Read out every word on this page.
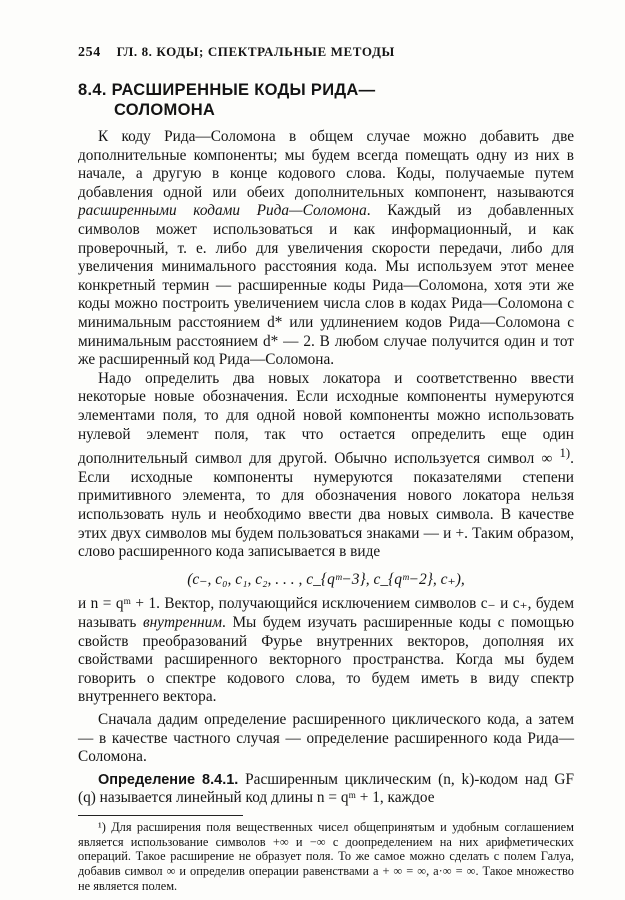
254 ГЛ. 8. КОДЫ; СПЕКТРАЛЬНЫЕ МЕТОДЫ
8.4. РАСШИРЕННЫЕ КОДЫ РИДА—
СОЛОМОНА

К коду Рида—Соломона в общем случае можно добавить две дополнительные компоненты; мы будем всегда помещать одну из них в начале, а другую в конце кодового слова. Коды, получаемые путем добавления одной или обеих дополнительных компонент, называются расширенными кодами Рида—Соломона. Каждый из добавленных символов может использоваться и как информационный, и как проверочный, т. е. либо для увеличения скорости передачи, либо для увеличения минимального расстояния кода. Мы используем этот менее конкретный термин — расширенные коды Рида—Соломона, хотя эти же коды можно построить увеличением числа слов в кодах Рида—Соломона с минимальным расстоянием d* или удлинением кодов Рида—Соломона с минимальным расстоянием d* — 2. В любом случае получится один и тот же расширенный код Рида—Соломона.

Надо определить два новых локатора и соответственно ввести некоторые новые обозначения. Если исходные компоненты нумеруются элементами поля, то для одной новой компоненты можно использовать нулевой элемент поля, так что остается определить еще один дополнительный символ для другой. Обычно используется символ ∞ $^{1)}$. Если исходные компоненты нумеруются показателями степени примитивного элемента, то для обозначения нового локатора нельзя использовать нуль и необходимо ввести два новых символа. В качестве этих двух символов мы будем пользоваться знаками — и +. Таким образом, слово расширенного кода записывается в виде

(c₋, c₀, c₁, c₂, . . . , c_{qᵐ−3}, c_{qᵐ−2}, c₊),

и n = qᵐ + 1. Вектор, получающийся исключением символов c₋ и c₊, будем называть внутренним. Мы будем изучать расширенные коды с помощью свойств преобразований Фурье внутренних векторов, дополняя их свойствами расширенного векторного пространства. Когда мы будем говорить о спектре кодового слова, то будем иметь в виду спектр внутреннего вектора.

Сначала дадим определение расширенного циклического кода, а затем — в качестве частного случая — определение расширенного кода Рида—Соломона.

Определение 8.4.1. Расширенным циклическим (n, k)-кодом над GF (q) называется линейный код длины n = qᵐ + 1, каждое

¹) Для расширения поля вещественных чисел общепринятым и удобным соглашением является использование символов +∞ и −∞ с доопределением на них арифметических операций. Такое расширение не образует поля. То же самое можно сделать с полем Галуа, добавив символ ∞ и определив операции равенствами a + ∞ = ∞, a·∞ = ∞. Такое множество не является полем.
